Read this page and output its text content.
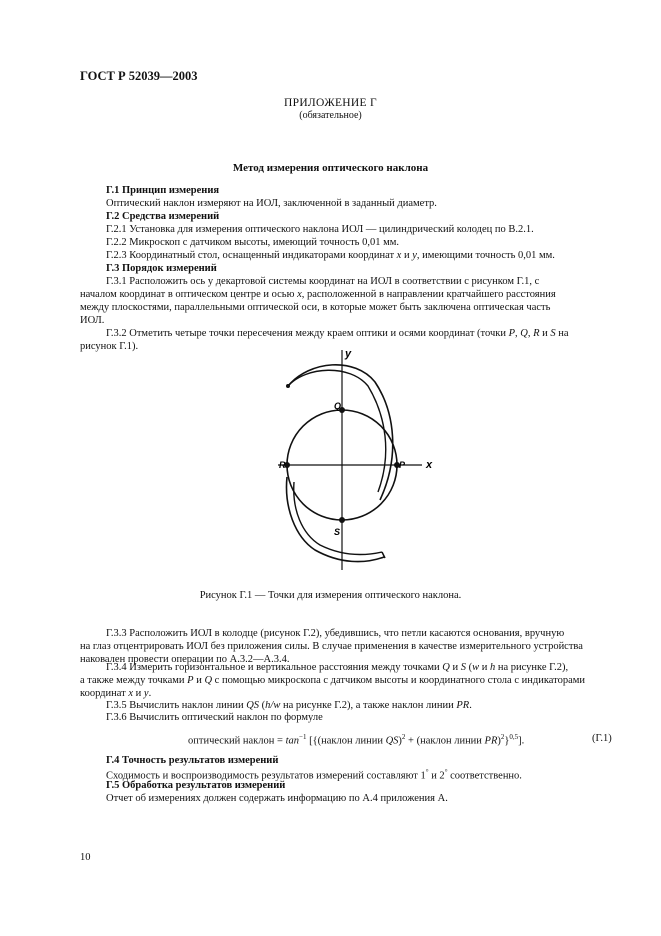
ГОСТ Р 52039—2003
ПРИЛОЖЕНИЕ Г
(обязательное)
Метод измерения оптического наклона
Г.1 Принцип измерения
Оптический наклон измеряют на ИОЛ, заключенной в заданный диаметр.
Г.2 Средства измерений
Г.2.1 Установка для измерения оптического наклона ИОЛ — цилиндрический колодец по В.2.1.
Г.2.2 Микроскоп с датчиком высоты, имеющий точность 0,01 мм.
Г.2.3 Координатный стол, оснащенный индикаторами координат x и y, имеющими точность 0,01 мм.
Г.3 Порядок измерений
Г.3.1 Расположить ось у декартовой системы координат на ИОЛ в соответствии с рисунком Г.1, с
началом координат в оптическом центре и осью x, расположенной в направлении кратчайшего расстояния
между плоскостями, параллельными оптической оси, в которые может быть заключена оптическая часть
ИОЛ.
Г.3.2 Отметить четыре точки пересечения между краем оптики и осями координат (точки P, Q, R и S на
рисунок Г.1).
y
x
Q
R	P
S
Рисунок Г.1 — Точки для измерения оптического наклона.
Г.3.3 Расположить ИОЛ в колодце (рисунок Г.2), убедившись, что петли касаются основания, вручную
на глаз отцентрировать ИОЛ без приложения силы. В случае применения в качестве измерительного устройства
наковален провести операции по А.3.2—А.3.4.
Г.3.4 Измерить горизонтальное и вертикальное расстояния между точками Q и S (w и h на рисунке Г.2),
а также между точками P и Q с помощью микроскопа с датчиком высоты и координатного стола с индикаторами
координат x и y.
Г.3.5 Вычислить наклон линии QS (h/w на рисунке Г.2), а также наклон линии PR.
Г.3.6 Вычислить оптический наклон по формуле
оптический наклон = $\tan^{-1}$ [{(наклон линии QS)$^2$ + (наклон линии PR)$^2$}$^{0,5}$].	(Г.1)
Г.4 Точность результатов измерений
Сходимость и воспроизводимость результатов измерений составляют 1° и 2° соответственно.
Г.5 Обработка результатов измерений
Отчет об измерениях должен содержать информацию по А.4 приложения А.
10
